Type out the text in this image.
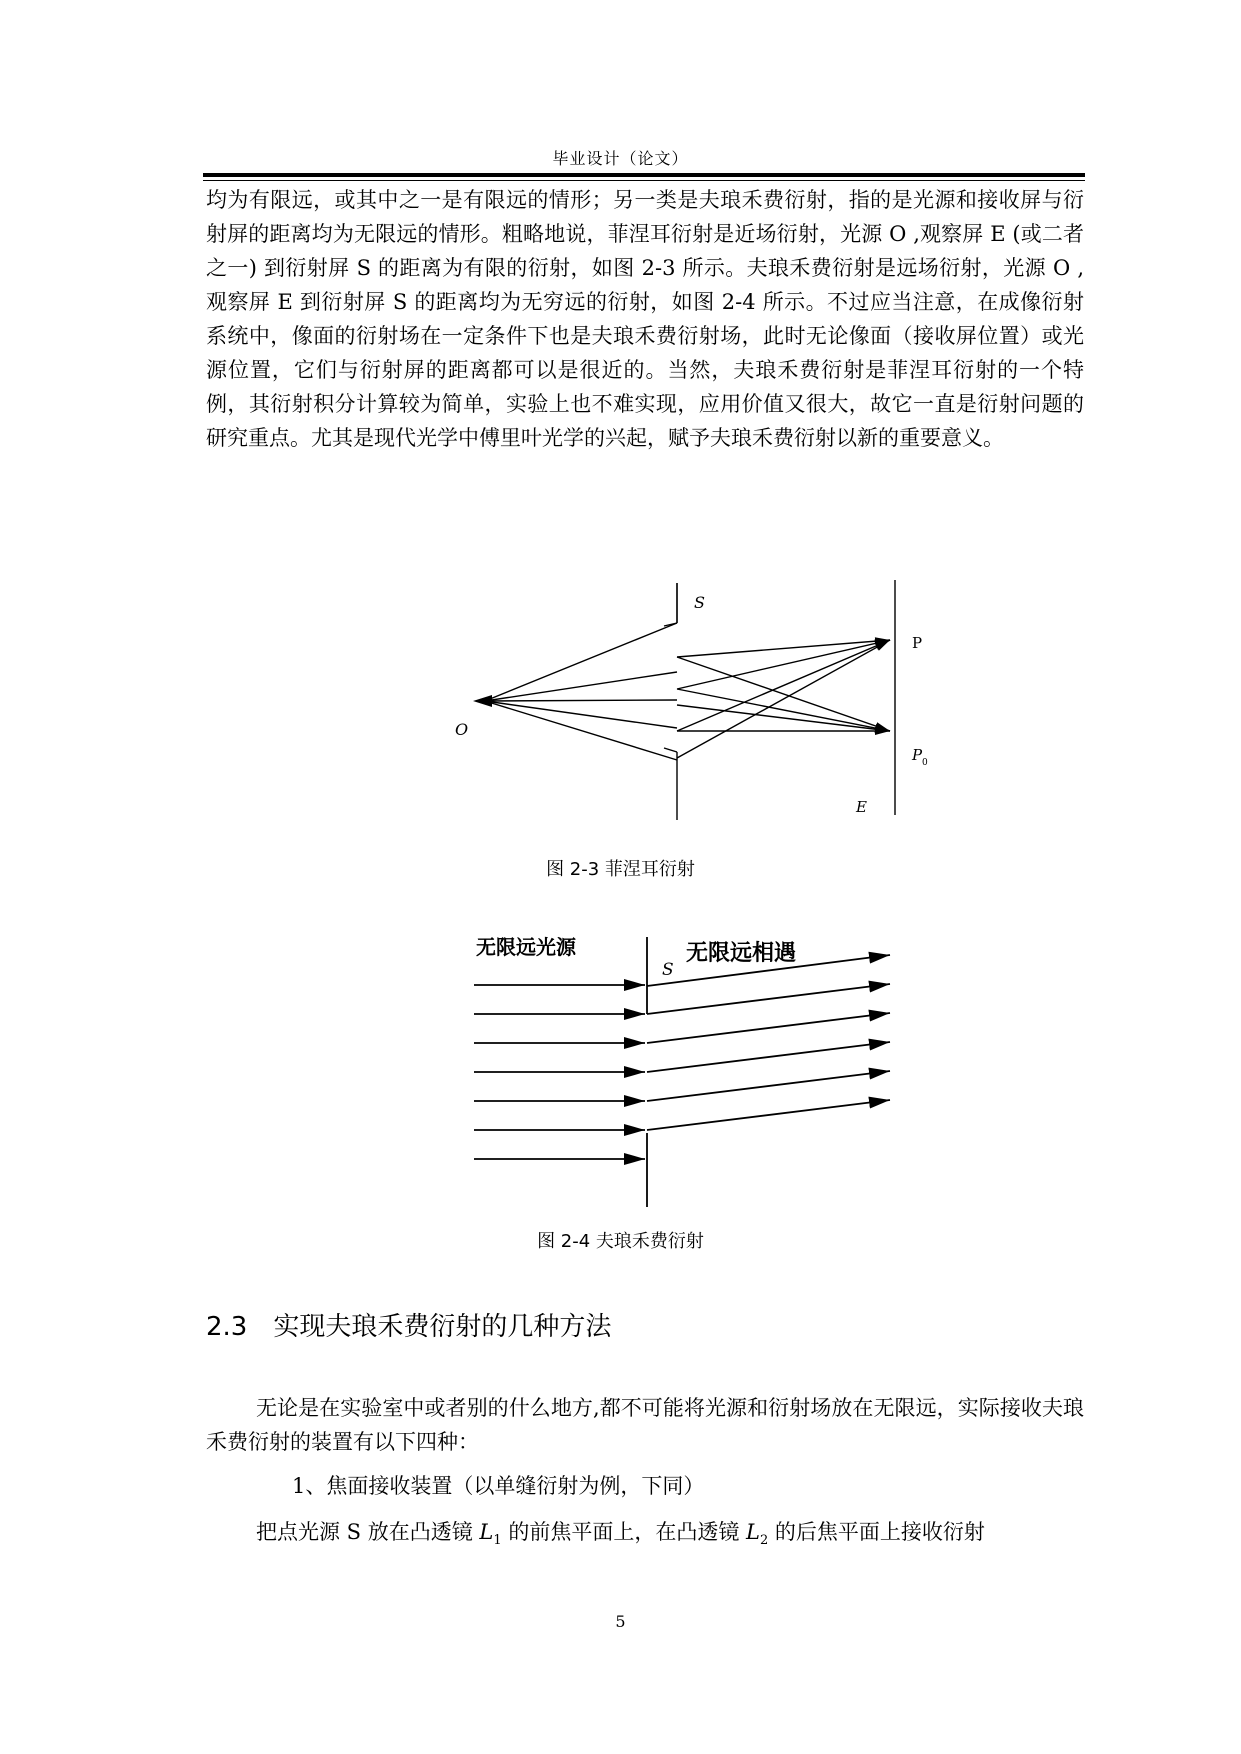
毕业设计（论文）

均为有限远，或其中之一是有限远的情形；另一类是夫琅禾费衍射，指的是光源和接收屏与衍射屏的距离均为无限远的情形。粗略地说，菲涅耳衍射是近场衍射，光源 O ,观察屏 E (或二者之一) 到衍射屏 S 的距离为有限的衍射，如图 2-3 所示。夫琅禾费衍射是远场衍射，光源 O ,观察屏 E 到衍射屏 S 的距离均为无穷远的衍射，如图 2-4 所示。不过应当注意，在成像衍射系统中，像面的衍射场在一定条件下也是夫琅禾费衍射场，此时无论像面（接收屏位置）或光源位置，它们与衍射屏的距离都可以是很近的。当然，夫琅禾费衍射是菲涅耳衍射的一个特例，其衍射积分计算较为简单，实验上也不难实现，应用价值又很大，故它一直是衍射问题的研究重点。尤其是现代光学中傅里叶光学的兴起，赋予夫琅禾费衍射以新的重要意义。

S
O
P
P 0
E
图 2-3 菲涅耳衍射
无限远光源
S
无限远相遇
图 2-4 夫琅禾费衍射
2.3 实现夫琅禾费衍射的几种方法

无论是在实验室中或者别的什么地方,都不可能将光源和衍射场放在无限远，实际接收夫琅禾费衍射的装置有以下四种：

1、焦面接收装置（以单缝衍射为例，下同）
把点光源 S 放在凸透镜 $L_1$ 的前焦平面上，在凸透镜 $L_2$ 的后焦平面上接收衍射
5
